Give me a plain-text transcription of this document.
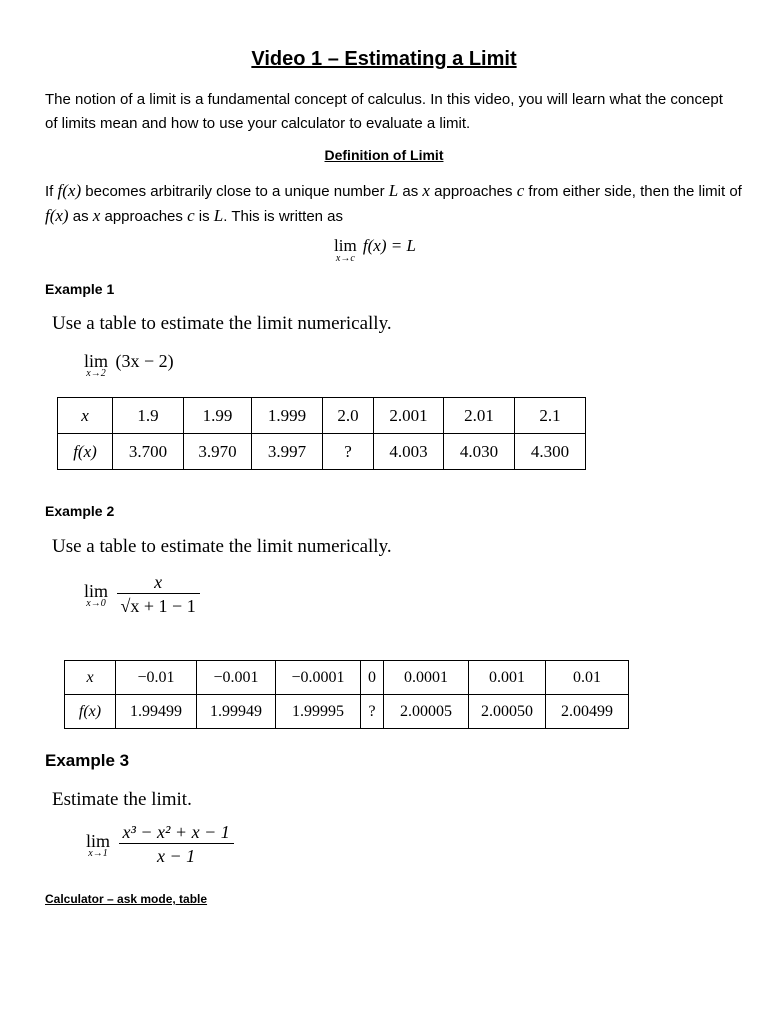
Video 1 – Estimating a Limit
The notion of a limit is a fundamental concept of calculus. In this video, you will learn what the concept of limits mean and how to use your calculator to evaluate a limit.
Definition of Limit
If f(x) becomes arbitrarily close to a unique number L as x approaches c from either side, then the limit of f(x) as x approaches c is L. This is written as
lim
x→c
f(x) = L
Example 1
Use a table to estimate the limit numerically.
lim
x→2
(3x − 2)
x	1.9	1.99	1.999	2.0	2.001	2.01	2.1
f(x)	3.700	3.970	3.997	?	4.003	4.030	4.300
Example 2
Use a table to estimate the limit numerically.
lim
x→0
$\frac{x}{√x + 1 - 1}$
x	−0.01	−0.001	−0.0001	0	0.0001	0.001	0.01
f(x)	1.99499	1.99949	1.99995	?	2.00005	2.00050	2.00499
Example 3
Estimate the limit.
lim
x→1
$\frac{\text{x³ − x² + x − 1}}{x - 1}$
Calculator – ask mode, table
